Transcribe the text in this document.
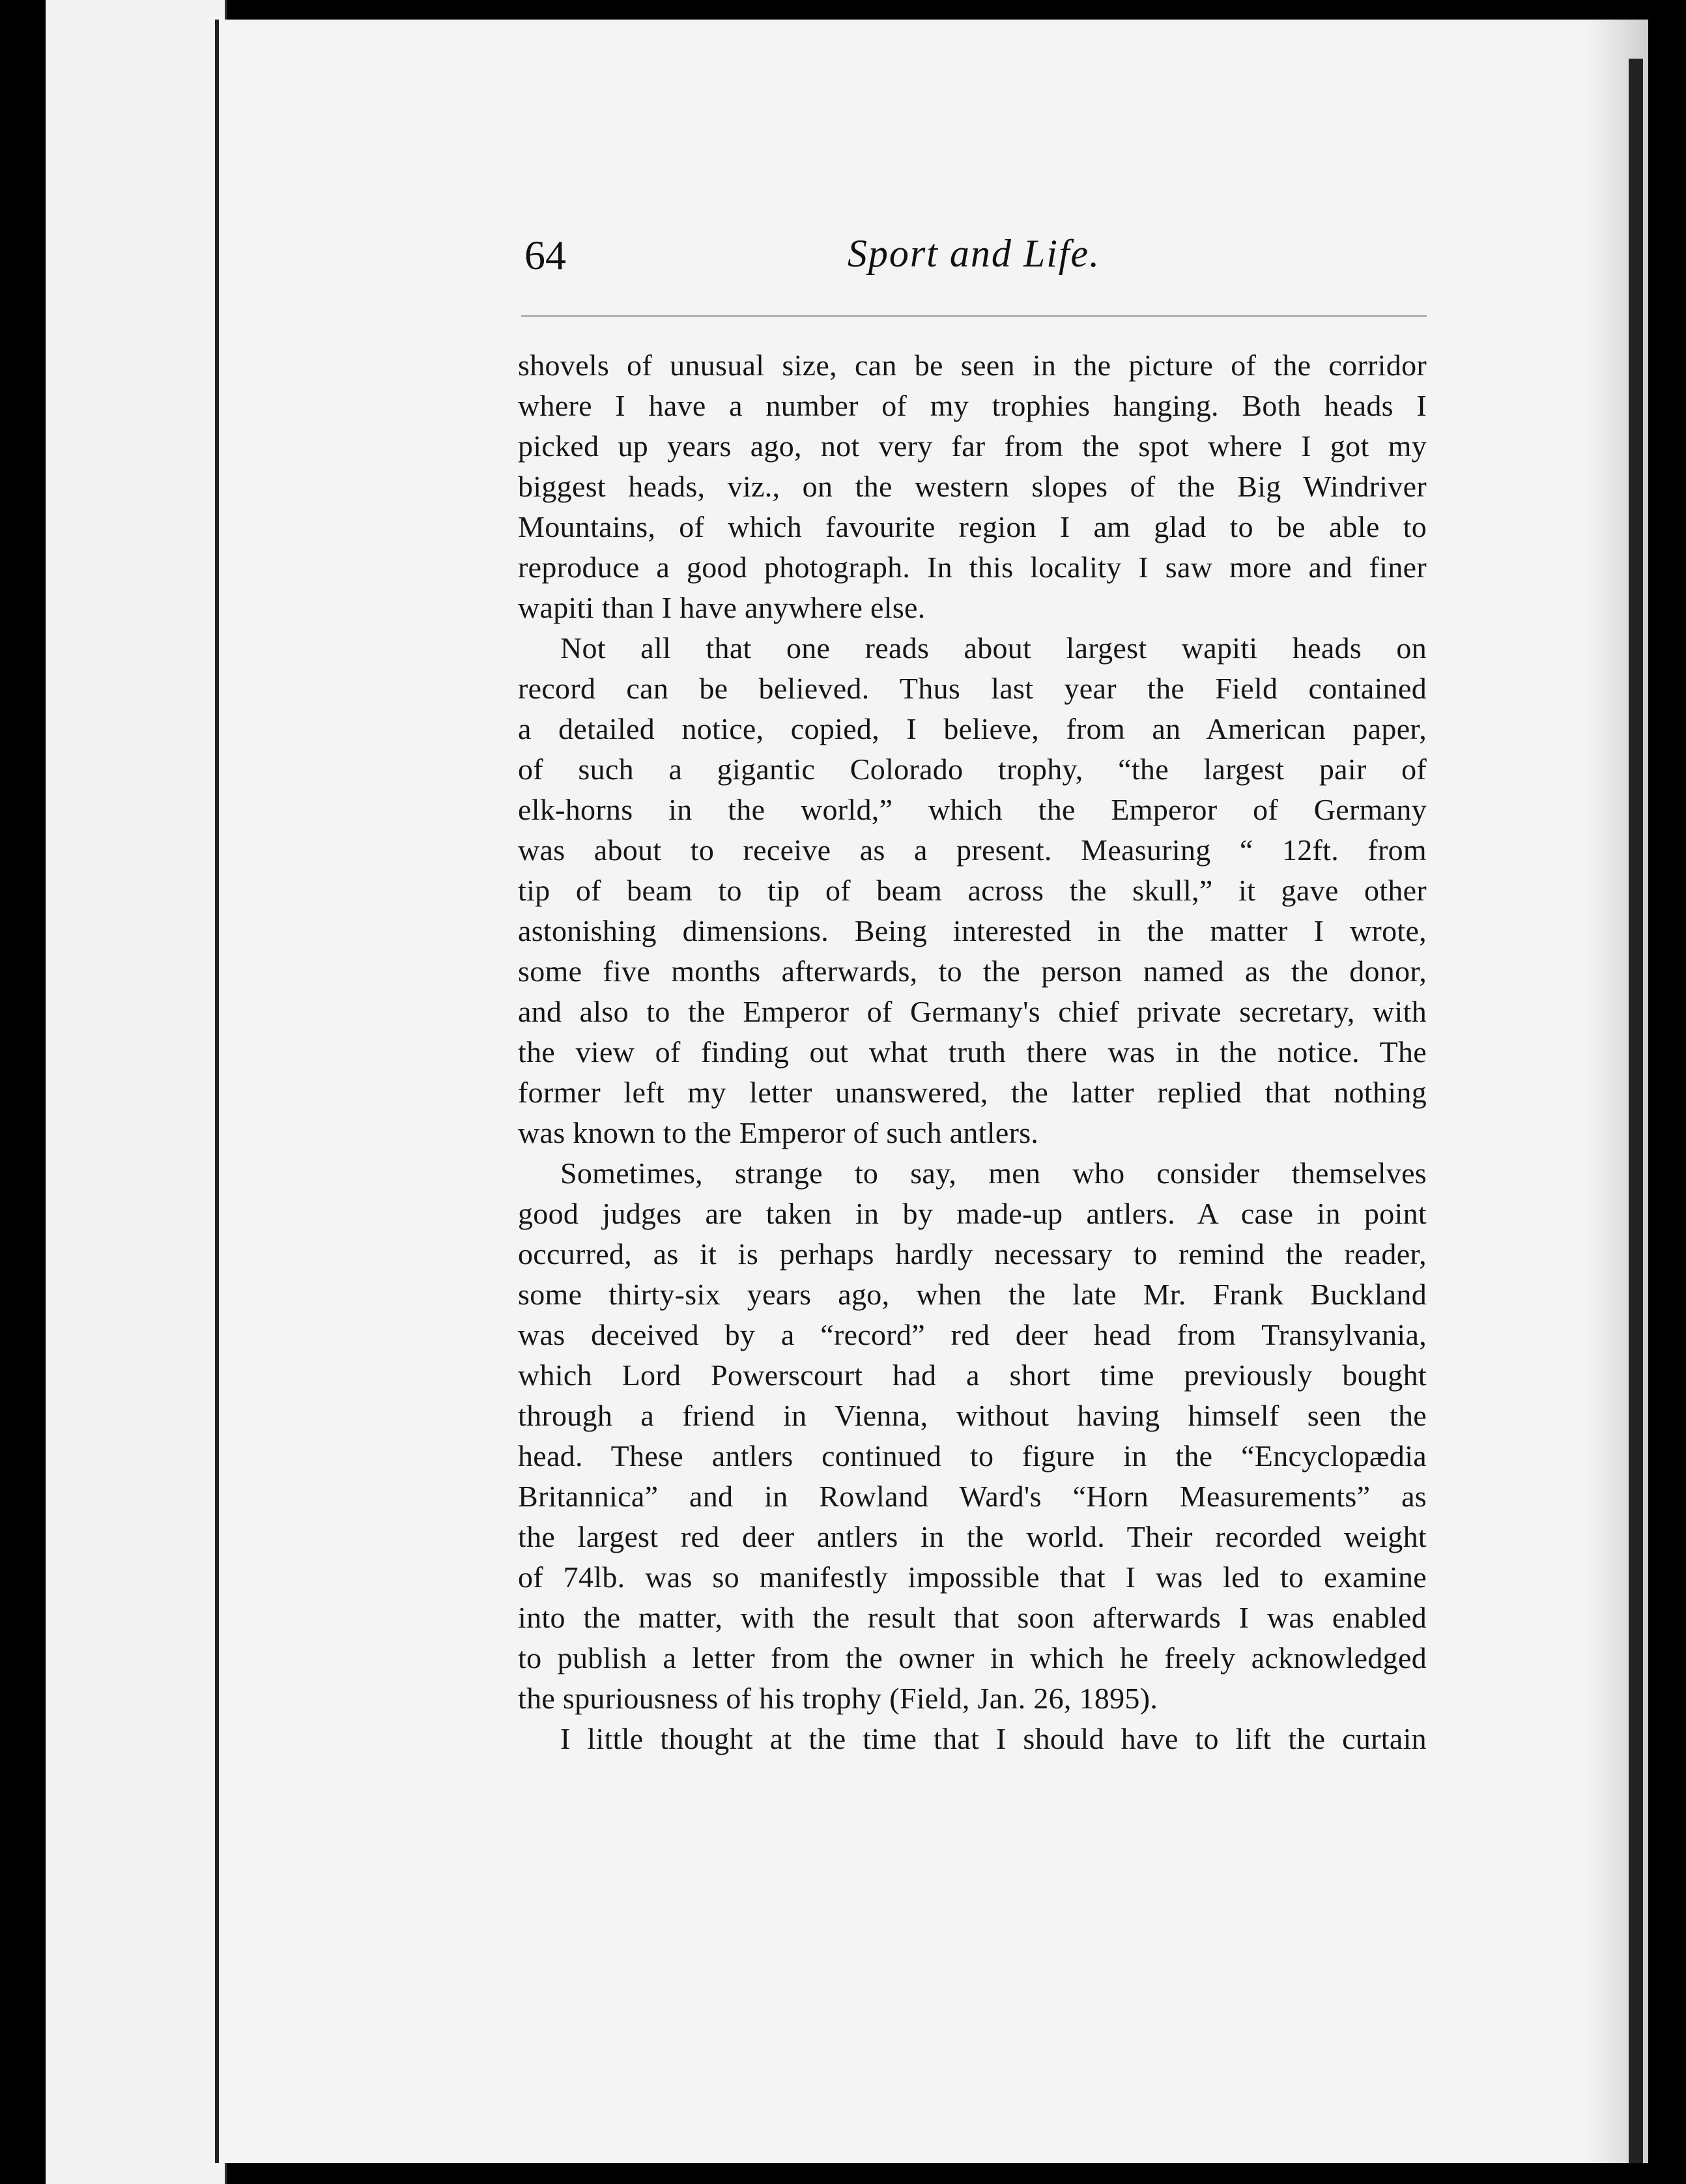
64	Sport and Life.
shovels of unusual size, can be seen in the picture of the corridor
where I have a number of my trophies hanging. Both heads I
picked up years ago, not very far from the spot where I got my
biggest heads, viz., on the western slopes of the Big Windriver
Mountains, of which favourite region I am glad to be able to
reproduce a good photograph. In this locality I saw more and finer
wapiti than I have anywhere else.
Not all that one reads about largest wapiti heads on
record can be believed. Thus last year the Field contained
a detailed notice, copied, I believe, from an American paper,
of such a gigantic Colorado trophy, “the largest pair of
elk-horns in the world,” which the Emperor of Germany
was about to receive as a present. Measuring “ 12ft. from
tip of beam to tip of beam across the skull,” it gave other
astonishing dimensions. Being interested in the matter I wrote,
some five months afterwards, to the person named as the donor,
and also to the Emperor of Germany's chief private secretary, with
the view of finding out what truth there was in the notice. The
former left my letter unanswered, the latter replied that nothing
was known to the Emperor of such antlers.
Sometimes, strange to say, men who consider themselves
good judges are taken in by made-up antlers. A case in point
occurred, as it is perhaps hardly necessary to remind the reader,
some thirty-six years ago, when the late Mr. Frank Buckland
was deceived by a “record” red deer head from Transylvania,
which Lord Powerscourt had a short time previously bought
through a friend in Vienna, without having himself seen the
head. These antlers continued to figure in the “Encyclopædia
Britannica” and in Rowland Ward's “Horn Measurements” as
the largest red deer antlers in the world. Their recorded weight
of 74lb. was so manifestly impossible that I was led to examine
into the matter, with the result that soon afterwards I was enabled
to publish a letter from the owner in which he freely acknowledged
the spuriousness of his trophy (Field, Jan. 26, 1895).
I little thought at the time that I should have to lift the curtain
